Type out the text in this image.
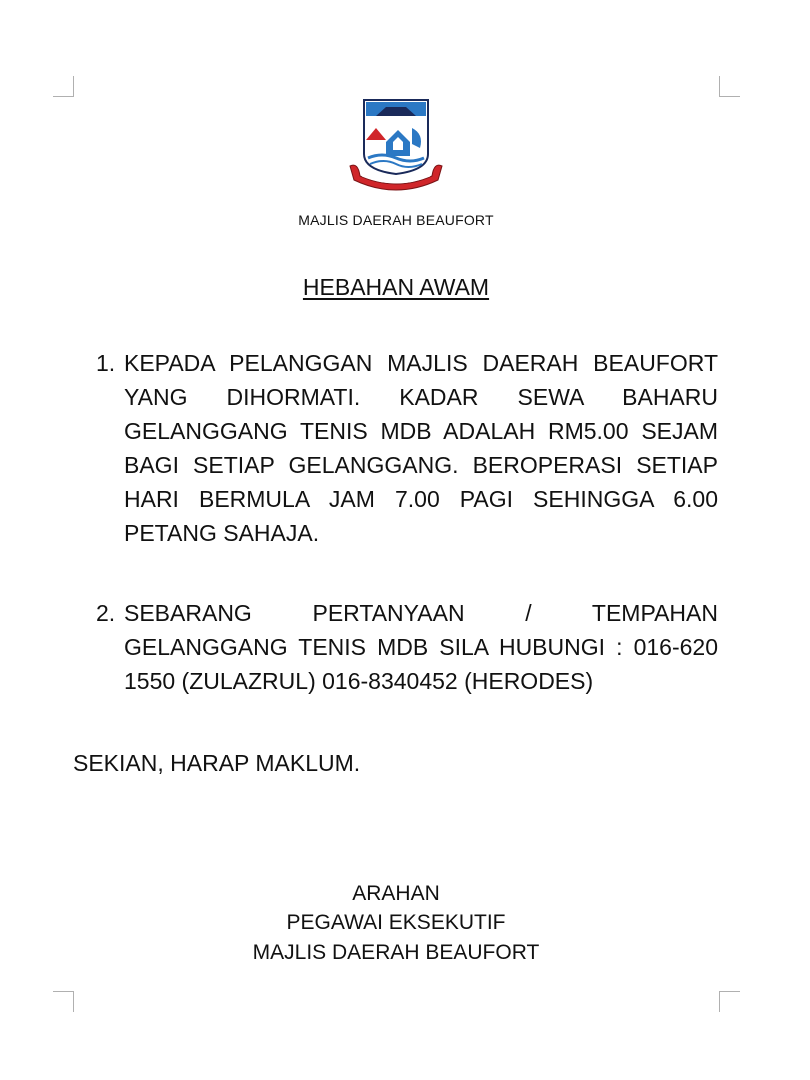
MAJLIS DAERAH BEAUFORT
HEBAHAN AWAM
1. KEPADA PELANGGAN MAJLIS DAERAH BEAUFORT YANG DIHORMATI. KADAR SEWA BAHARU GELANGGANG TENIS MDB ADALAH RM5.00 SEJAM BAGI SETIAP GELANGGANG. BEROPERASI SETIAP HARI BERMULA JAM 7.00 PAGI SEHINGGA 6.00 PETANG SAHAJA.
2. SEBARANG PERTANYAAN / TEMPAHAN GELANGGANG TENIS MDB SILA HUBUNGI : 016-620 1550 (ZULAZRUL) 016-8340452 (HERODES)
SEKIAN, HARAP MAKLUM.
ARAHAN
PEGAWAI EKSEKUTIF
MAJLIS DAERAH BEAUFORT
